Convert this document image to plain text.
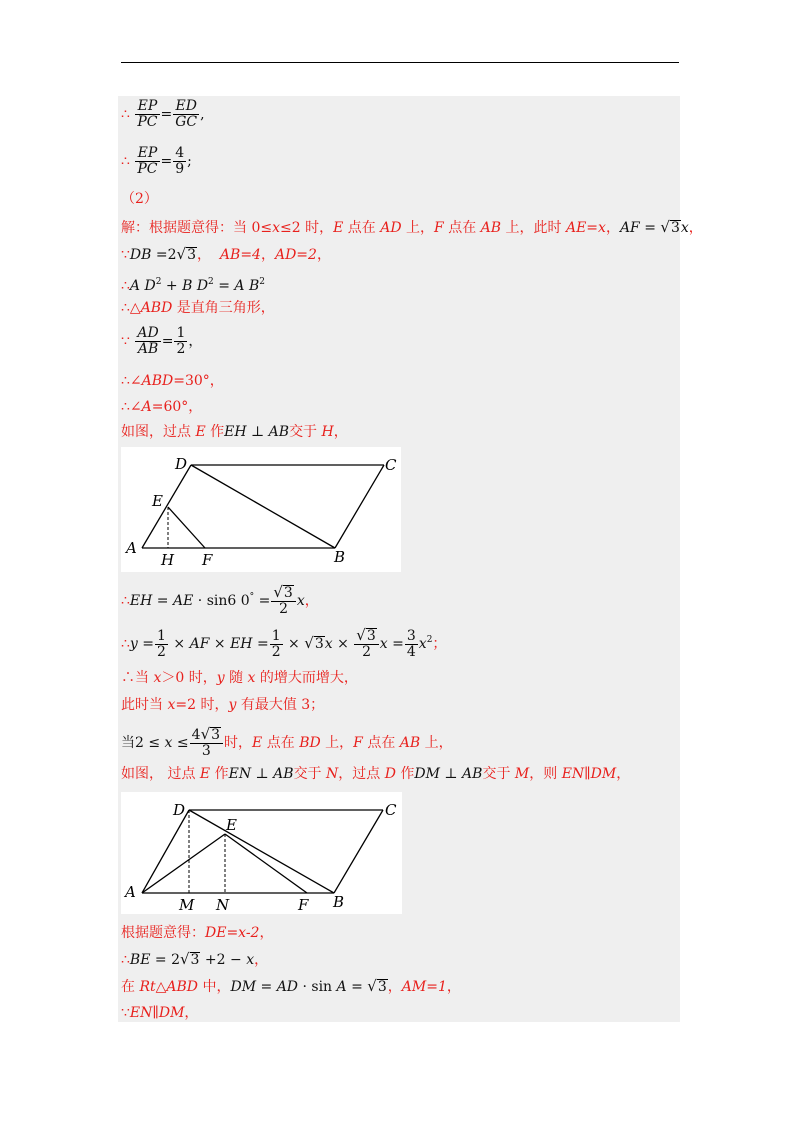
∴ $\frac{EP}{PC} = \frac{ED}{GC}$ ,
∴ $\frac{EP}{PC} = \frac{4}{9}$ ;
（2）
解：根据题意得：当 0≤x≤2 时，E 点在 AD 上，F 点在 AB 上，此时 AE=x，AF = √3x，
∵DB =2√3， AB=4，AD=2，
∴A $D^2 + B$ $D^2 = A$ $B^2$
∴△ABD 是直角三角形，
∵ $\frac{AD}{AB} = \frac{1}{2}$ ，
∴∠ABD=30°，
∴∠A=60°，
如图，过点 E 作EH ⊥ AB交于 H，
D	C
E
A
H F	B
∴EH = AE · sin6 $0^\circ = \frac{√3}{2}$ x，
∴y = $\frac{1}{2}$ × AF × EH = $\frac{1}{2} \times √3x \times \frac{√3}{2}$ $x = \frac{3}{4} x^2$；
∴当 x＞0 时，y 随 x 的增大而增大，
此时当 x=2 时，y 有最大值 3；
当$2 \le x \le \frac{4√3}{3}$ 时，E 点在 BD 上，F 点在 AB 上，
如图， 过点 E 作EN ⊥ AB交于 N，过点 D 作DM ⊥ AB交于 M，则 EN∥DM，
D	C
E
A
M N	F B
根据题意得：DE=x-2，
∴BE = 2√3 +2 − x，
在 Rt△ABD 中，DM = AD · sin A = √3，AM=1，
∵EN∥DM，
